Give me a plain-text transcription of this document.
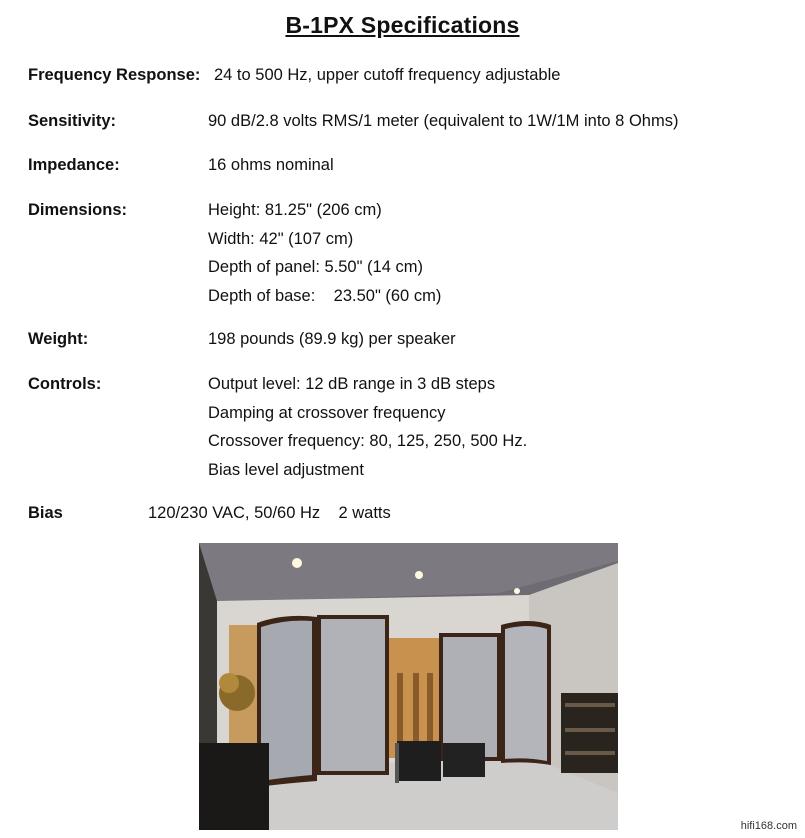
B-1PX Specifications
Frequency Response: 24 to 500 Hz, upper cutoff frequency adjustable
Sensitivity:	90 dB/2.8 volts RMS/1 meter (equivalent to 1W/1M into 8 Ohms)
Impedance:	16 ohms nominal
Dimensions:	Height: 81.25" (206 cm)
Width: 42" (107 cm)
Depth of panel: 5.50" (14 cm)
Depth of base:    23.50" (60 cm)
Weight:	198 pounds (89.9 kg) per speaker
Controls:	Output level: 12 dB range in 3 dB steps
Damping at crossover frequency
Crossover frequency: 80, 125, 250, 500 Hz.
Bias level adjustment
Bias	120/230 VAC, 50/60 Hz    2 watts
hifi168.com
